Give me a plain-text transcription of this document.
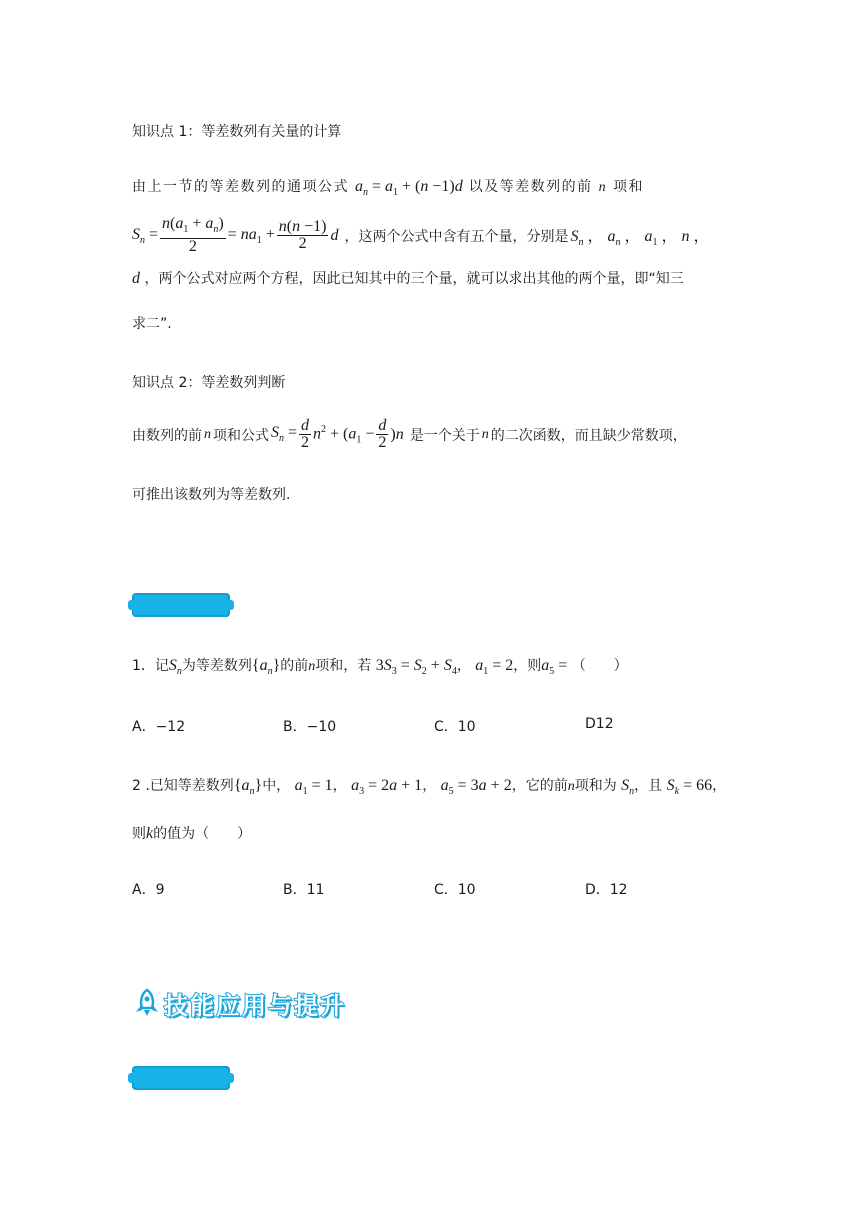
知识点 1：等差数列有关量的计算
由上一节的等差数列的通项公式 $a_n = a_1 + (n -1)d$ 以及等差数列的前 n 项和
$S_n = \frac{n(a_1 + a_n)}{2} = na_1 + \frac{n(n -1)}{2}$ d ，这两个公式中含有五个量，分别是 $S_n$ ， $a_n$ ， $a_1$ ， n ，
d ，两个公式对应两个方程，因此已知其中的三个量，就可以求出其他的两个量，即“知三
求二”.
知识点 2：等差数列判断
由数列的前 n 项和公式 $S_n = \frac{d}{2} n^2 + (a_1 - \frac{d}{2} )n$ 是一个关于 n 的二次函数，而且缺少常数项，
可推出该数列为等差数列.
1．记$S_n$为等差数列$\{a_n\}$的前n项和，若 $3S_3 = S_2 + S_4$， $a_1 = 2$，则$a_5$ = （　　）
A．−12	B．−10	C．10	D12
2 .已知等差数列$\{a_n\}$中， $a_1 = 1$， $a_3 = 2a + 1$， $a_5 = 3a + 2$，它的前n项和为 $S_n$，且 $S_k = 66$，
则k的值为（　　）
A．9	B．11	C．10	D．12
技能应用与提升
